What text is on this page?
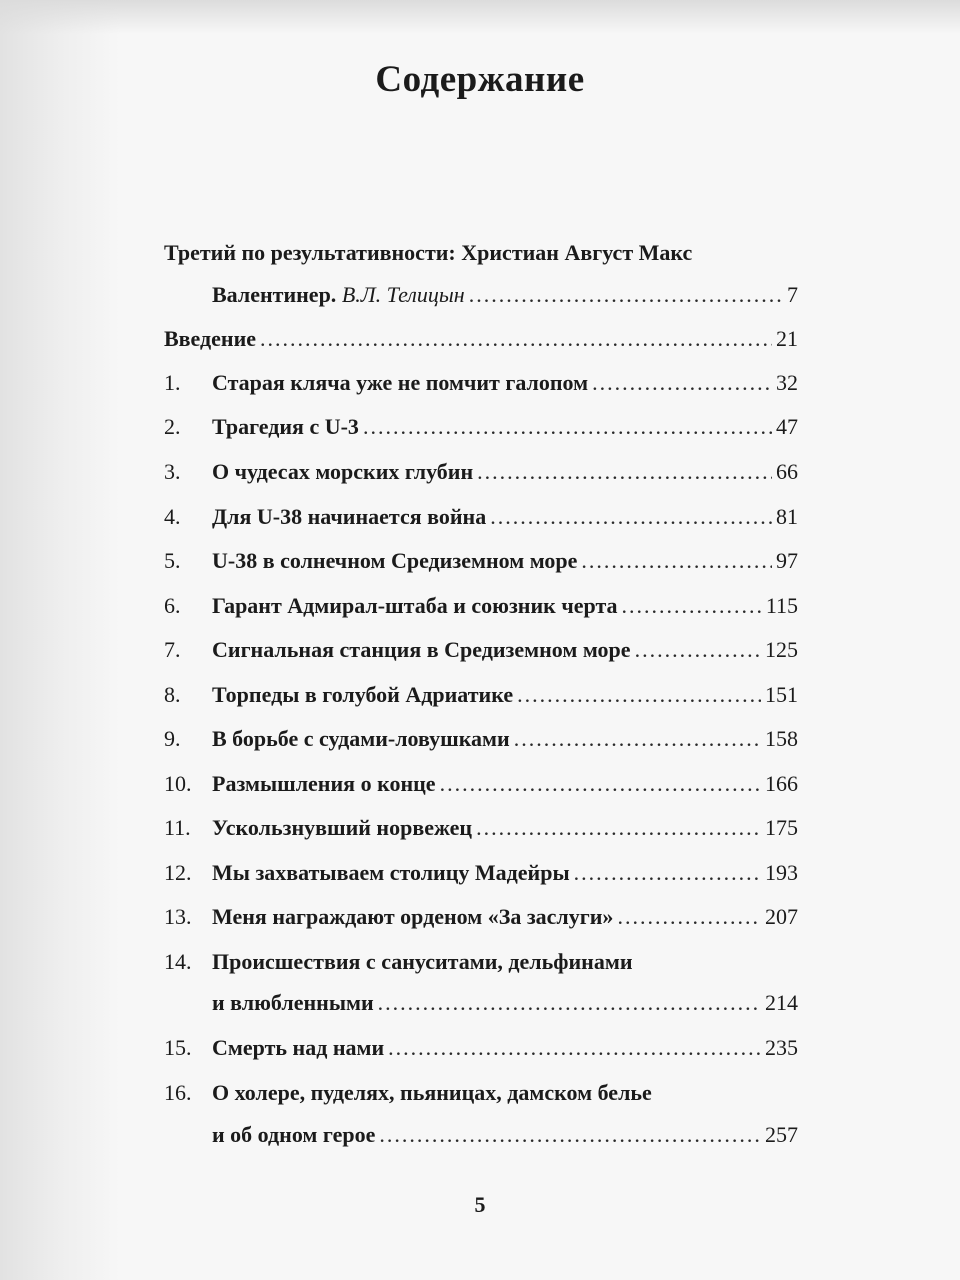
Содержание
Третий по результативности: Христиан Август Макс
Валентинер. В.Л. Телицын .....	7
Введение .....	21
1.	Старая кляча уже не помчит галопом .....	32
2.	Трагедия с U-3 .....	47
3.	О чудесах морских глубин .....	66
4.	Для U-38 начинается война .....	81
5.	U-38 в солнечном Средиземном море .....	97
6.	Гарант Адмирал-штаба и союзник черта .....	115
7.	Сигнальная станция в Средиземном море .....	125
8.	Торпеды в голубой Адриатике .....	151
9.	В борьбе с судами-ловушками .....	158
10. Размышления о конце .....	166
11. Ускользнувший норвежец .....	175
12. Мы захватываем столицу Мадейры .....	193
13. Меня награждают орденом «За заслуги» .....	207
14. Происшествия с сануситами, дельфинами
и влюбленными .....	214
15. Смерть над нами .....	235
16. О холере, пуделях, пьяницах, дамском белье
и об одном герое .....	257
5
